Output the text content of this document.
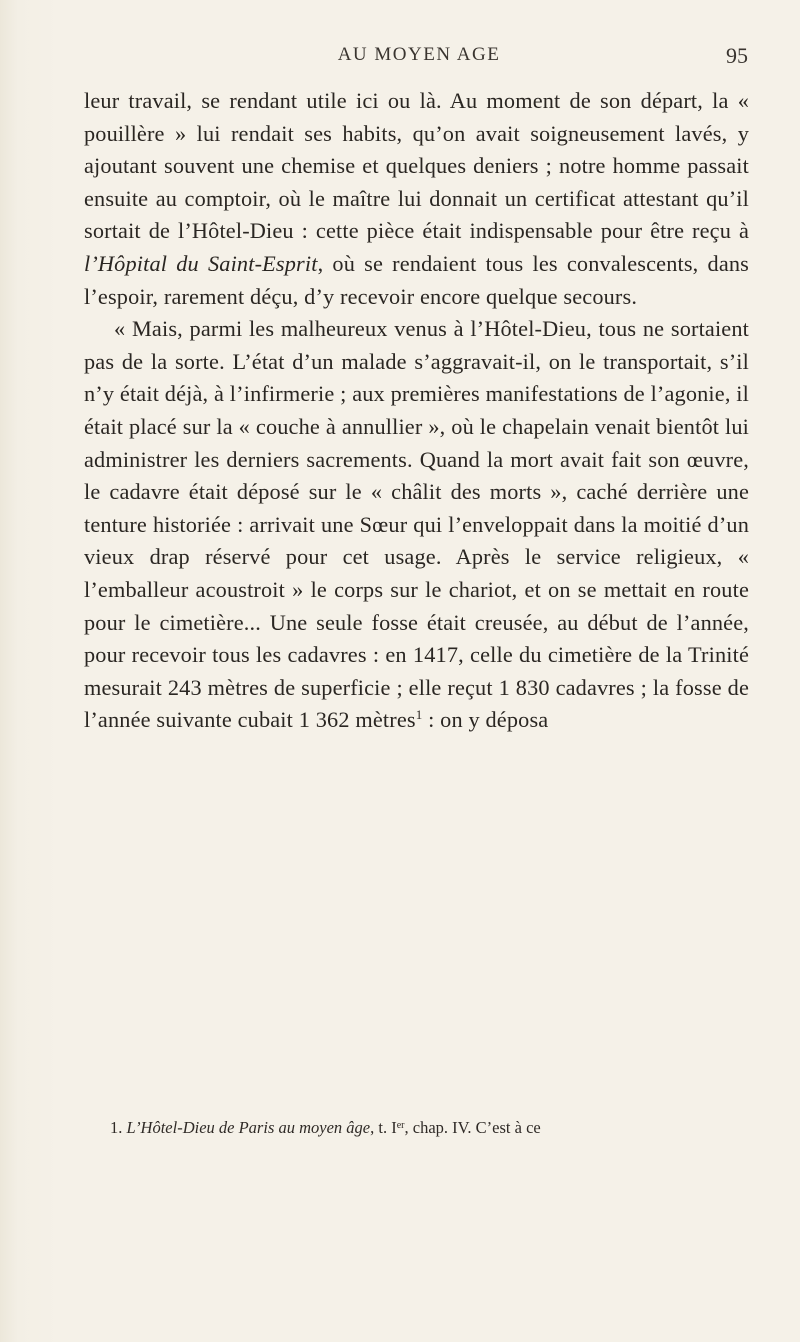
AU MOYEN AGE	95

leur travail, se rendant utile ici ou là. Au moment de son départ, la « pouillère » lui rendait ses habits, qu’on avait soigneusement lavés, y ajoutant souvent une chemise et quelques deniers ; notre homme passait ensuite au comptoir, où le maître lui donnait un certificat attestant qu’il sortait de l’Hôtel-Dieu : cette pièce était indispensable pour être reçu à l’Hôpital du Saint-Esprit, où se rendaient tous les convalescents, dans l’espoir, rarement déçu, d’y recevoir encore quelque secours.

« Mais, parmi les malheureux venus à l’Hôtel-Dieu, tous ne sortaient pas de la sorte. L’état d’un malade s’aggravait-il, on le transportait, s’il n’y était déjà, à l’infirmerie ; aux premières manifestations de l’agonie, il était placé sur la « couche à annullier », où le chapelain venait bientôt lui administrer les derniers sacrements. Quand la mort avait fait son œuvre, le cadavre était déposé sur le « châlit des morts », caché derrière une tenture historiée : arrivait une Sœur qui l’enveloppait dans la moitié d’un vieux drap réservé pour cet usage. Après le service religieux, « l’emballeur acoustroit » le corps sur le chariot, et on se mettait en route pour le cimetière... Une seule fosse était creusée, au début de l’année, pour recevoir tous les cadavres : en 1417, celle du cimetière de la Trinité mesurait 243 mètres de superficie ; elle reçut 1 830 cadavres ; la fosse de l’année suivante cubait 1 362 mètres$^1$ : on y déposa

1. L’Hôtel-Dieu de Paris au moyen âge, t. Ier, chap. IV. C’est à ce
